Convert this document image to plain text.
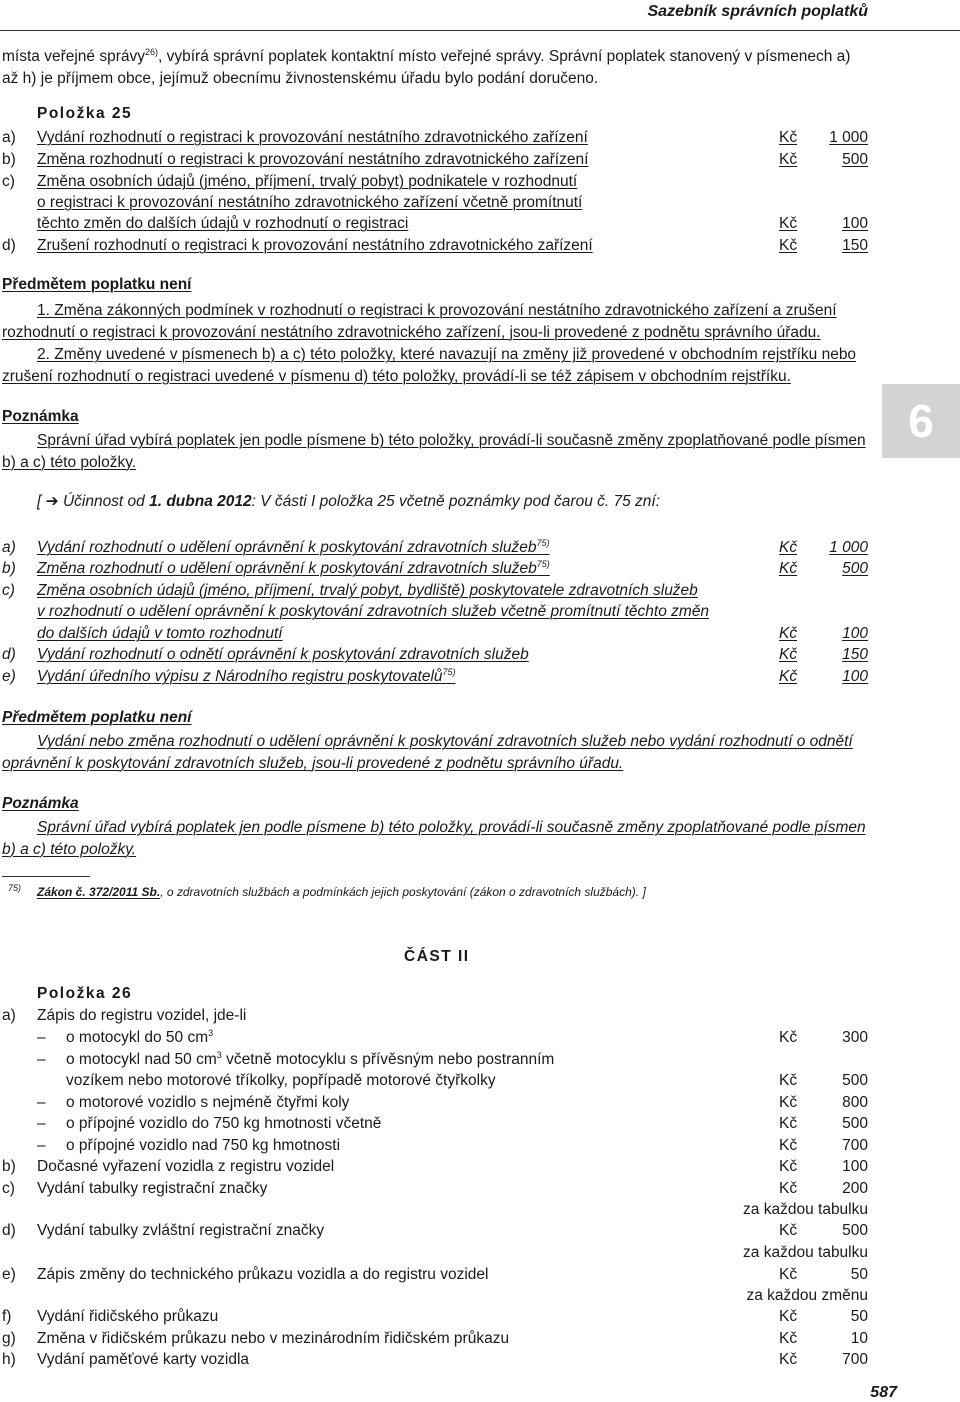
Sazebník správních poplatků
6
místa veřejné správy$^{26)}$, vybírá správní poplatek kontaktní místo veřejné správy. Správní poplatek stanovený v písmenech a) až h) je příjmem obce, jejímuž obecnímu živnostenskému úřadu bylo podání doručeno.
Položka 25
a) Vydání rozhodnutí o registraci k provozování nestátního zdravotnického zařízení	Kč 1 000
b) Změna rozhodnutí o registraci k provozování nestátního zdravotnického zařízení	Kč	500
c) Změna osobních údajů (jméno, příjmení, trvalý pobyt) podnikatele v rozhodnutí
o registraci k provozování nestátního zdravotnického zařízení včetně promítnutí
těchto změn do dalších údajů v rozhodnutí o registraci	Kč	100
d) Zrušení rozhodnutí o registraci k provozování nestátního zdravotnického zařízení	Kč	150
Předmětem poplatku není
1. Změna zákonných podmínek v rozhodnutí o registraci k provozování nestátního zdravotnického zařízení a zrušení rozhodnutí o registraci k provozování nestátního zdravotnického zařízení, jsou-li provedené z podnětu správního úřadu.
2. Změny uvedené v písmenech b) a c) této položky, které navazují na změny již provedené v obchodním rejstříku nebo zrušení rozhodnutí o registraci uvedené v písmenu d) této položky, provádí-li se též zápisem v obchodním rejstříku.
Poznámka
Správní úřad vybírá poplatek jen podle písmene b) této položky, provádí-li současně změny zpoplatňované podle písmen b) a c) této položky.
[ ➔ Účinnost od 1. dubna 2012: V části I položka 25 včetně poznámky pod čarou č. 75 zní:
a) Vydání rozhodnutí o udělení oprávnění k poskytování zdravotních služeb$^{75)}$	Kč 1 000
b) Změna rozhodnutí o udělení oprávnění k poskytování zdravotních služeb$^{75)}$	Kč	500
c) Změna osobních údajů (jméno, příjmení, trvalý pobyt, bydliště) poskytovatele zdravotních služeb
v rozhodnutí o udělení oprávnění k poskytování zdravotních služeb včetně promítnutí těchto změn
do dalších údajů v tomto rozhodnutí	Kč	100
d) Vydání rozhodnutí o odnětí oprávnění k poskytování zdravotních služeb	Kč	150
e) Vydání úředního výpisu z Národního registru poskytovatelů$^{75)}$	Kč	100
Předmětem poplatku není
Vydání nebo změna rozhodnutí o udělení oprávnění k poskytování zdravotních služeb nebo vydání rozhodnutí o odnětí oprávnění k poskytování zdravotních služeb, jsou-li provedené z podnětu správního úřadu.
Poznámka
Správní úřad vybírá poplatek jen podle písmene b) této položky, provádí-li současně změny zpoplatňované podle písmen b) a c) této položky.
$^{75)}$ Zákon č. 372/2011 Sb., o zdravotních službách a podmínkách jejich poskytování (zákon o zdravotních službách). ]
ČÁST II
Položka 26
a) Zápis do registru vozidel, jde-li
– o motocykl do 50 $cm^3$	Kč	300
– o motocykl nad 50 $cm^3$ včetně motocyklu s přívěsným nebo postranním
vozíkem nebo motorové tříkolky, popřípadě motorové čtyřkolky	Kč	500
– o motorové vozidlo s nejméně čtyřmi koly	Kč	800
– o přípojné vozidlo do 750 kg hmotnosti včetně	Kč	500
– o přípojné vozidlo nad 750 kg hmotnosti	Kč	700
b) Dočasné vyřazení vozidla z registru vozidel	Kč	100
c) Vydání tabulky registrační značky	Kč	200
za každou tabulku
d) Vydání tabulky zvláštní registrační značky	Kč	500
za každou tabulku
e) Zápis změny do technického průkazu vozidla a do registru vozidel	Kč	50
za každou změnu
f) Vydání řidičského průkazu	Kč	50
g) Změna v řidičském průkazu nebo v mezinárodním řidičském průkazu	Kč	10
h) Vydání paměťové karty vozidla	Kč	700
587
